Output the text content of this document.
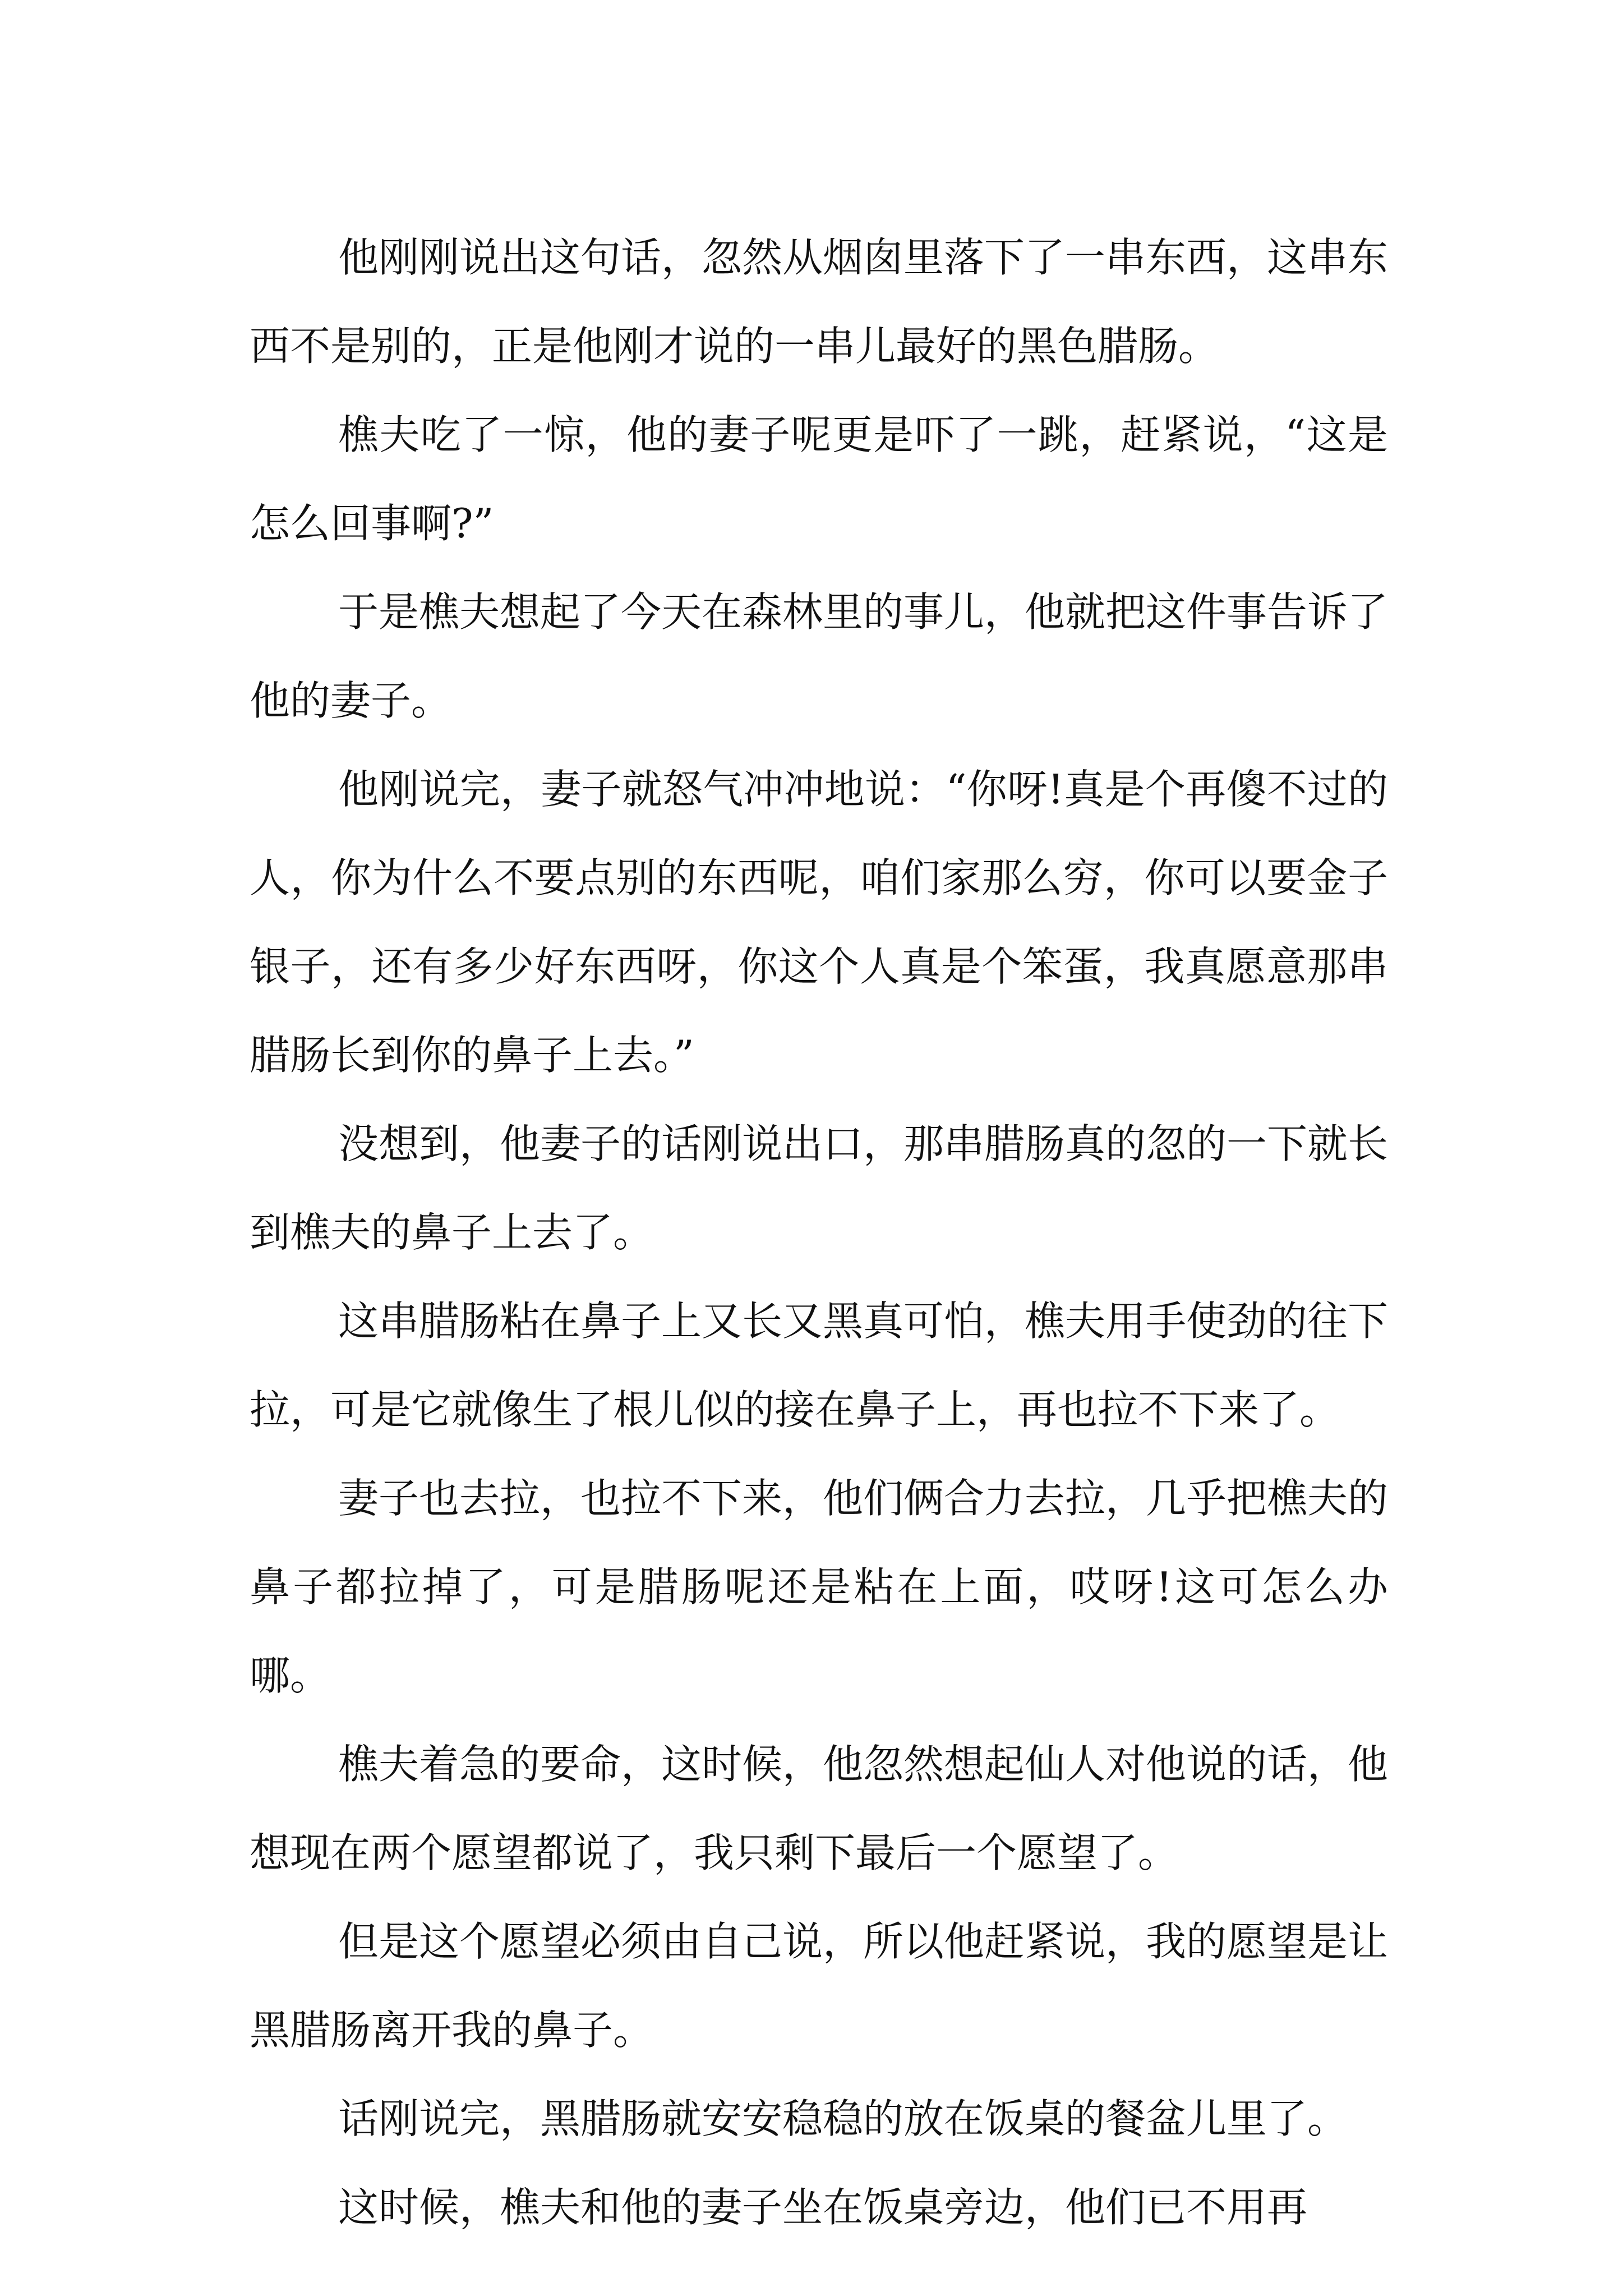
他刚刚说出这句话，忽然从烟囱里落下了一串东西，这串东西不是别的，正是他刚才说的一串儿最好的黑色腊肠。

樵夫吃了一惊，他的妻子呢更是吓了一跳，赶紧说，“这是怎么回事啊?”

于是樵夫想起了今天在森林里的事儿，他就把这件事告诉了他的妻子。

他刚说完，妻子就怒气冲冲地说：“你呀!真是个再傻不过的人，你为什么不要点别的东西呢，咱们家那么穷，你可以要金子银子，还有多少好东西呀，你这个人真是个笨蛋，我真愿意那串腊肠长到你的鼻子上去。”

没想到，他妻子的话刚说出口，那串腊肠真的忽的一下就长到樵夫的鼻子上去了。

这串腊肠粘在鼻子上又长又黑真可怕，樵夫用手使劲的往下拉，可是它就像生了根儿似的接在鼻子上，再也拉不下来了。

妻子也去拉，也拉不下来，他们俩合力去拉，几乎把樵夫的鼻子都拉掉了，可是腊肠呢还是粘在上面，哎呀!这可怎么办哪。

樵夫着急的要命，这时候，他忽然想起仙人对他说的话，他想现在两个愿望都说了，我只剩下最后一个愿望了。

但是这个愿望必须由自己说，所以他赶紧说，我的愿望是让黑腊肠离开我的鼻子。

话刚说完，黑腊肠就安安稳稳的放在饭桌的餐盆儿里了。

这时候，樵夫和他的妻子坐在饭桌旁边，他们已不用再
